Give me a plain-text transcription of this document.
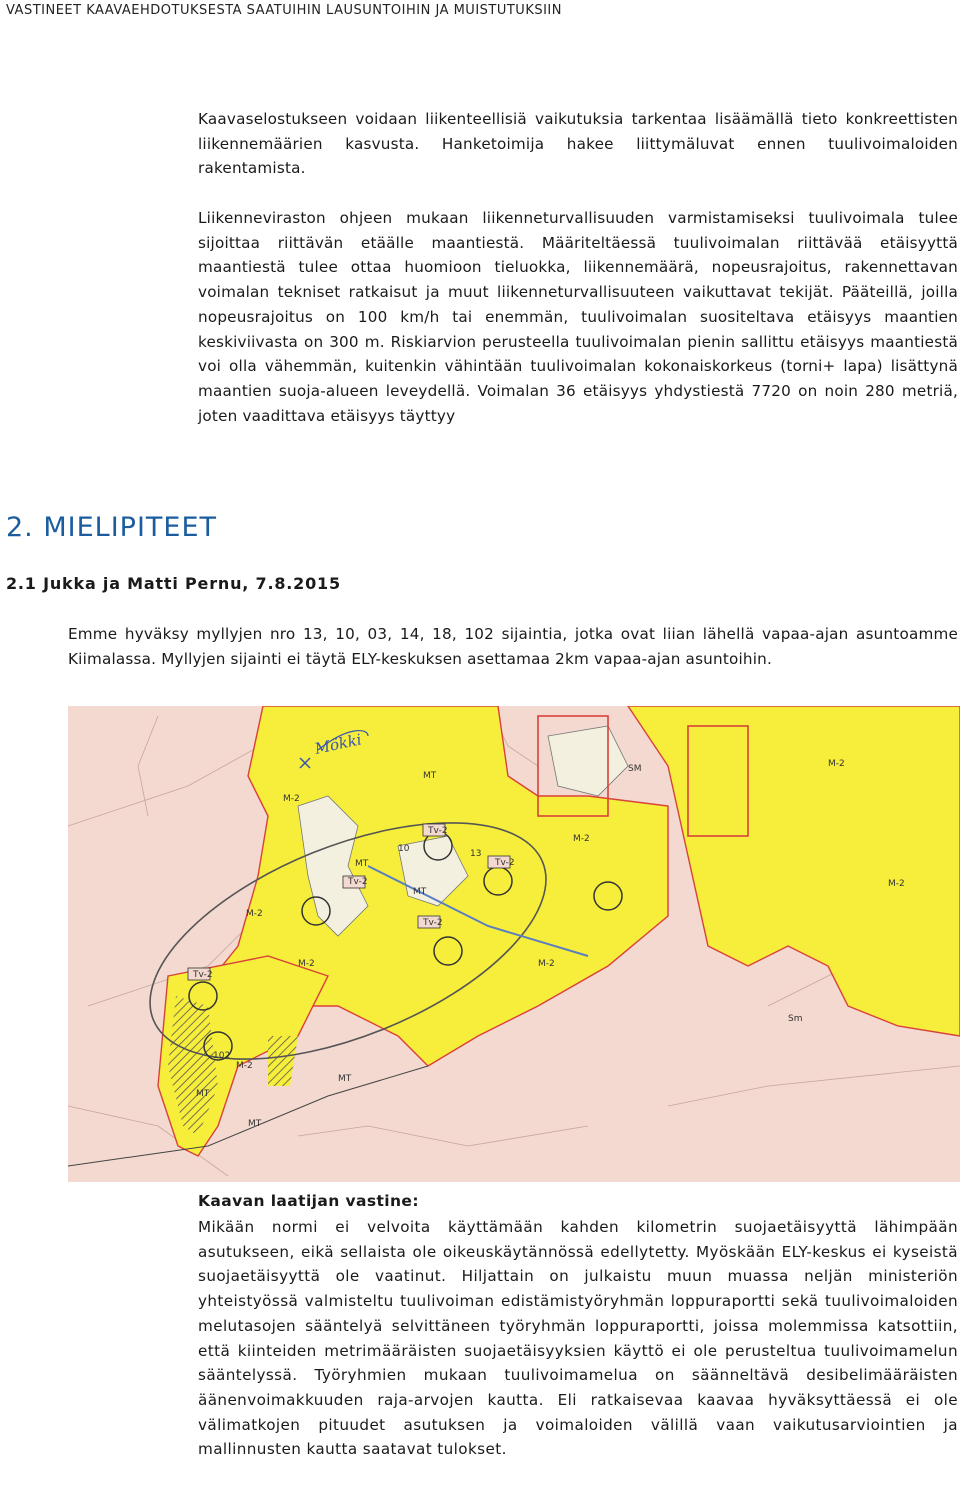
VASTINEET KAAVAEHDOTUKSESTA SAATUIHIN LAUSUNTOIHIN JA MUISTUTUKSIIN

Kaavaselostukseen voidaan liikenteellisiä vaikutuksia tarkentaa lisäämällä tieto konkreettisten liikennemäärien kasvusta. Hanketoimija hakee liittymäluvat ennen tuulivoimaloiden rakentamista.

Liikenneviraston ohjeen mukaan liikenneturvallisuuden varmistamiseksi tuulivoimala tulee sijoittaa riittävän etäälle maantiestä. Määriteltäessä tuulivoimalan riittävää etäisyyttä maantiestä tulee ottaa huomioon tieluokka, liikennemäärä, nopeusrajoitus, rakennettavan voimalan tekniset ratkaisut ja muut liikenneturvallisuuteen vaikuttavat tekijät. Pääteillä, joilla nopeusrajoitus on 100 km/h tai enemmän, tuulivoimalan suositeltava etäisyys maantien keskiviivasta on 300 m. Riskiarvion perusteella tuulivoimalan pienin sallittu etäisyys maantiestä voi olla vähemmän, kuitenkin vähintään tuulivoimalan kokonaiskorkeus (torni+ lapa) lisättynä maantien suoja-alueen leveydellä. Voimalan 36 etäisyys yhdystiestä 7720 on noin 280 metriä, joten vaadittava etäisyys täyttyy

2. MIELIPITEET
2.1 Jukka ja Matti Pernu, 7.8.2015

Emme hyväksy myllyjen nro 13, 10, 03, 14, 18, 102 sijaintia, jotka ovat liian lähellä vapaa-ajan asuntoamme Kiimalassa. Myllyjen sijainti ei täytä ELY-keskuksen asettamaa 2km vapaa-ajan asuntoihin.

M-2
M-2
M-2
M-2
MT
MT
MT
MT
MT
MT
M-2
M-2
M-2
Tv-2
Tv-2
Tv-2
Tv-2
Tv-2
13
10
102
SM
Sm
M-2
Mökki
Kaavan laatijan vastine:

Mikään normi ei velvoita käyttämään kahden kilometrin suojaetäisyyttä lähimpään asutukseen, eikä sellaista ole oikeuskäytännössä edellytetty. Myöskään ELY-keskus ei kyseistä suojaetäisyyttä ole vaatinut. Hiljattain on julkaistu muun muassa neljän ministeriön yhteistyössä valmisteltu tuulivoiman edistämistyöryhmän loppuraportti sekä tuulivoimaloiden melutasojen sääntelyä selvittäneen työryhmän loppuraportti, joissa molemmissa katsottiin, että kiinteiden metrimääräisten suojaetäisyyksien käyttö ei ole perusteltua tuulivoimamelun sääntelyssä. Työryhmien mukaan tuulivoimamelua on säänneltävä desibelimääräisten äänenvoimakkuuden raja-arvojen kautta. Eli ratkaisevaa kaavaa hyväksyttäessä ei ole välimatkojen pituudet asutuksen ja voimaloiden välillä vaan vaikutusarviointien ja mallinnusten kautta saatavat tulokset.
